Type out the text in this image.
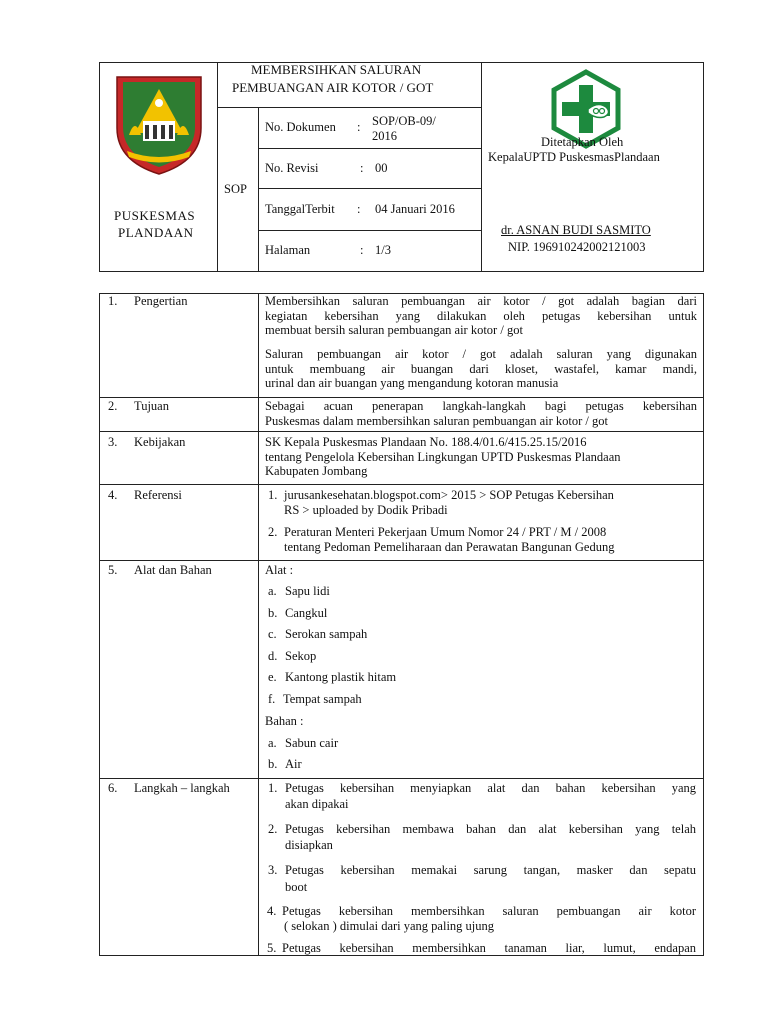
PUSKESMAS
PLANDAAN
MEMBERSIHKAN SALURAN
PEMBUANGAN AIR KOTOR / GOT
SOP
No. Dokumen : SOP/OB-09/
2016
No. Revisi	: 00
TanggalTerbit : 04 Januari 2016
Halaman	: 1/3
Ditetapkan Oleh
KepalaUPTD PuskesmasPlandaan
dr. ASNAN BUDI SASMITO
NIP. 196910242002121003
1. Pengertian	Membersihkan saluran pembuangan air kotor / got adalah bagian dari
kegiatan kebersihan yang dilakukan oleh petugas kebersihan untuk
membuat bersih saluran pembuangan air kotor / got
Saluran pembuangan air kotor / got adalah saluran yang digunakan
untuk membuang air buangan dari kloset, wastafel, kamar mandi,
urinal dan air buangan yang mengandung kotoran manusia
2. Tujuan	Sebagai acuan penerapan langkah-langkah bagi petugas kebersihan
Puskesmas dalam membersihkan saluran pembuangan air kotor / got
3. Kebijakan	SK Kepala Puskesmas Plandaan No. 188.4/01.6/415.25.15/2016
tentang Pengelola Kebersihan Lingkungan UPTD Puskesmas Plandaan
Kabupaten Jombang
4. Referensi	1. jurusankesehatan.blogspot.com> 2015 > SOP Petugas Kebersihan
RS > uploaded by Dodik Pribadi
2. Peraturan Menteri Pekerjaan Umum Nomor 24 / PRT / M / 2008
tentang Pedoman Pemeliharaan dan Perawatan Bangunan Gedung
5. Alat dan Bahan	Alat :
a. Sapu lidi
b. Cangkul
c. Serokan sampah
d. Sekop
e. Kantong plastik hitam
f. Tempat sampah
Bahan :
a. Sabun cair
b. Air
6. Langkah – langkah	1. Petugas kebersihan menyiapkan alat dan bahan kebersihan yang
akan dipakai
2. Petugas kebersihan membawa bahan dan alat kebersihan yang telah
disiapkan
3. Petugas kebersihan memakai sarung tangan, masker dan sepatu
boot
4. Petugas kebersihan membersihkan saluran pembuangan air kotor
( selokan ) dimulai dari yang paling ujung
5. Petugas kebersihan membersihkan tanaman liar, lumut, endapan
